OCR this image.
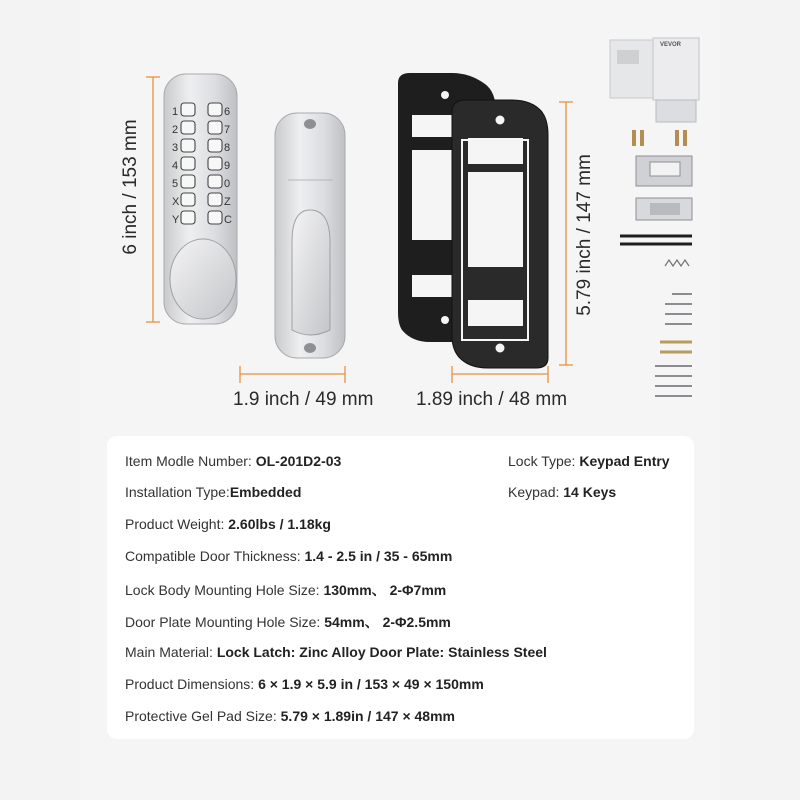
1
2
3
4
5
X
Y
6
7
8
9
0
Z
C
VEVOR
6 inch / 153 mm	5.79 inch / 147 mm
1.9 inch / 49 mm 1.89 inch / 48 mm
Item Modle Number: OL-201D2-03	Lock Type: Keypad Entry
Installation Type:Embedded	Keypad: 14 Keys
Product Weight: 2.60lbs / 1.18kg
Compatible Door Thickness: 1.4 - 2.5 in / 35 - 65mm
Lock Body Mounting Hole Size: 130mm、 2-Φ7mm
Door Plate Mounting Hole Size: 54mm、 2-Φ2.5mm
Main Material: Lock Latch: Zinc Alloy Door Plate: Stainless Steel
Product Dimensions: 6 × 1.9 × 5.9 in / 153 × 49 × 150mm
Protective Gel Pad Size: 5.79 × 1.89in / 147 × 48mm
